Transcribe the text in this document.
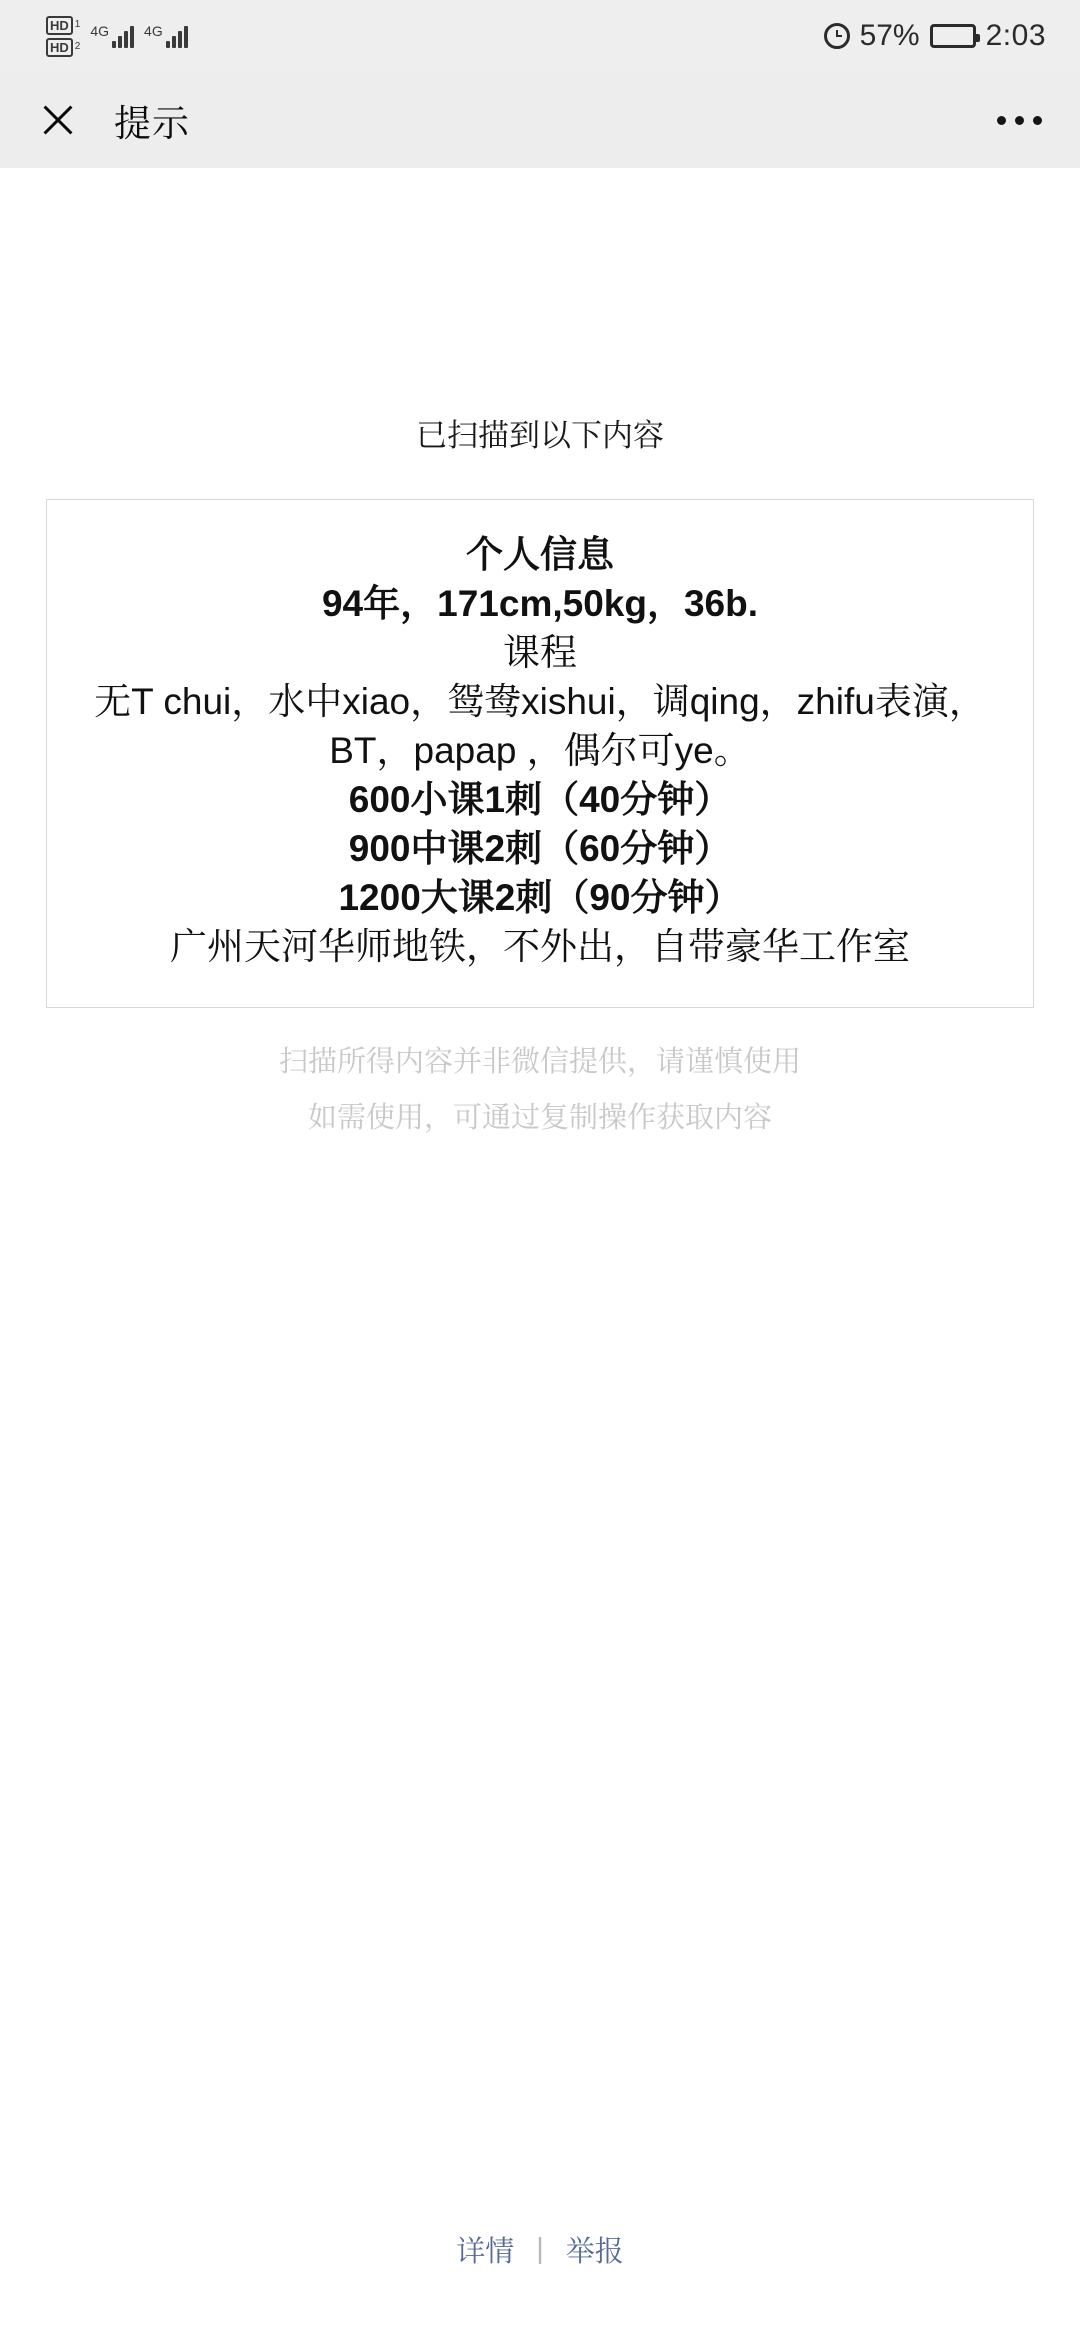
HD 1
HD 2
4G	4G	57% 2:03
提示
已扫描到以下内容

个人信息

94年，171cm,50kg，36b.

课程

无T chui，水中xiao，鸳鸯xishui，调qing，zhifu表演，BT，papap ，偶尔可ye。

600小课1刺（40分钟）

900中课2刺（60分钟）

1200大课2刺（90分钟）

广州天河华师地铁，不外出，自带豪华工作室

扫描所得内容并非微信提供，请谨慎使用
如需使用，可通过复制操作获取内容
详情 | 举报
